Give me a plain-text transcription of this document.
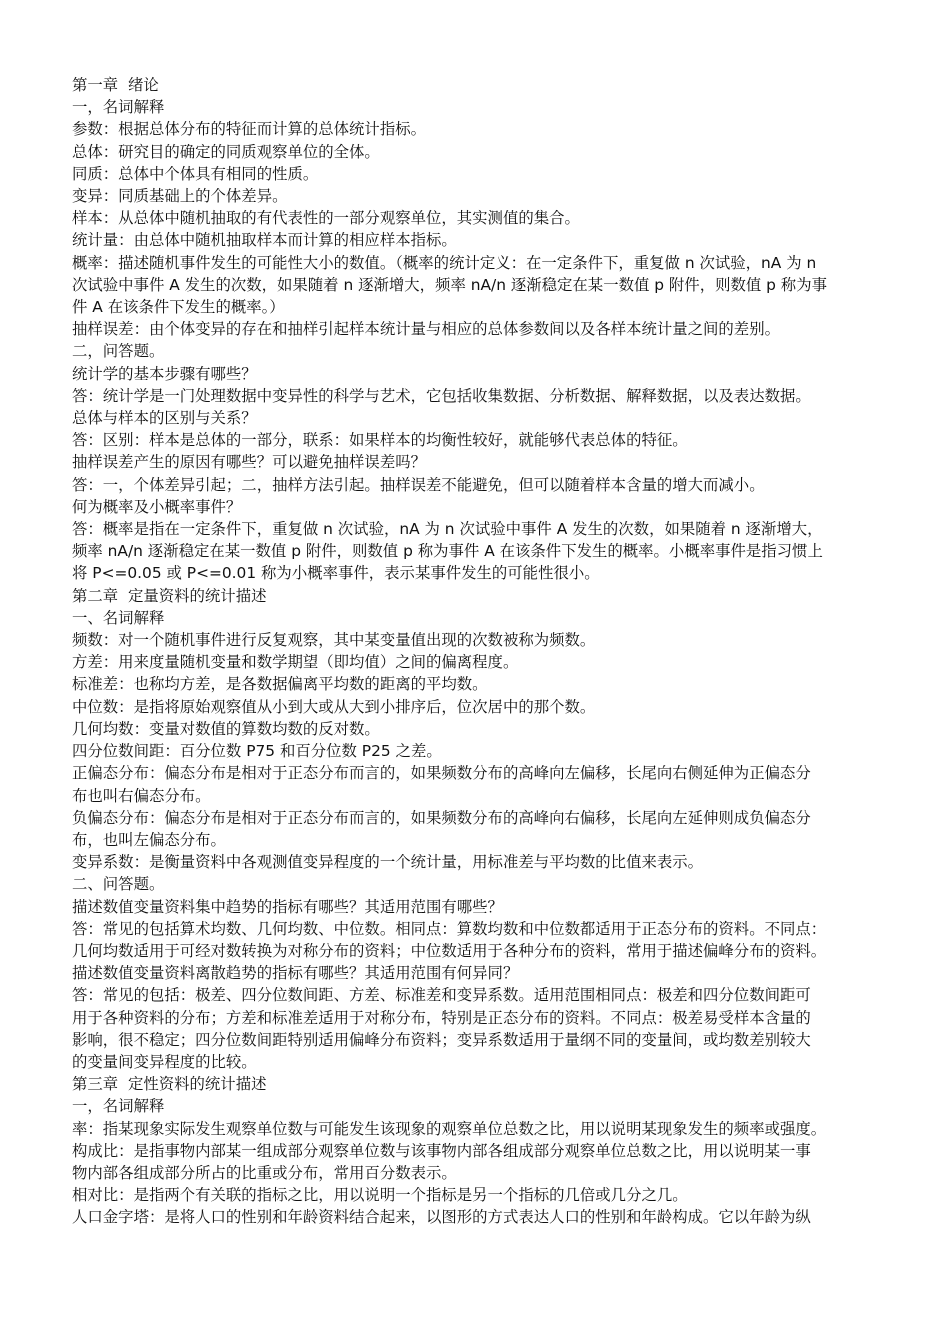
第一章  绪论
一，名词解释
参数：根据总体分布的特征而计算的总体统计指标。
总体：研究目的确定的同质观察单位的全体。
同质：总体中个体具有相同的性质。
变异：同质基础上的个体差异。
样本：从总体中随机抽取的有代表性的一部分观察单位，其实测值的集合。
统计量：由总体中随机抽取样本而计算的相应样本指标。
概率：描述随机事件发生的可能性大小的数值。（概率的统计定义：在一定条件下，重复做 n 次试验，nA 为 n
次试验中事件 A 发生的次数，如果随着 n 逐渐增大，频率 nA/n 逐渐稳定在某一数值 p 附件，则数值 p 称为事
件 A 在该条件下发生的概率。）
抽样误差：由个体变异的存在和抽样引起样本统计量与相应的总体参数间以及各样本统计量之间的差别。
二，问答题。
统计学的基本步骤有哪些？
答：统计学是一门处理数据中变异性的科学与艺术，它包括收集数据、分析数据、解释数据，以及表达数据。
总体与样本的区别与关系？
答：区别：样本是总体的一部分，联系：如果样本的均衡性较好，就能够代表总体的特征。
抽样误差产生的原因有哪些？可以避免抽样误差吗？
答：一，个体差异引起；二，抽样方法引起。抽样误差不能避免，但可以随着样本含量的增大而减小。
何为概率及小概率事件？
答：概率是指在一定条件下，重复做 n 次试验，nA 为 n 次试验中事件 A 发生的次数，如果随着 n 逐渐增大，
频率 nA/n 逐渐稳定在某一数值 p 附件，则数值 p 称为事件 A 在该条件下发生的概率。小概率事件是指习惯上
将 P<=0.05 或 P<=0.01 称为小概率事件，表示某事件发生的可能性很小。
第二章  定量资料的统计描述
一、名词解释
频数：对一个随机事件进行反复观察，其中某变量值出现的次数被称为频数。
方差：用来度量随机变量和数学期望（即均值）之间的偏离程度。
标准差：也称均方差，是各数据偏离平均数的距离的平均数。
中位数：是指将原始观察值从小到大或从大到小排序后，位次居中的那个数。
几何均数：变量对数值的算数均数的反对数。
四分位数间距：百分位数 P75 和百分位数 P25 之差。
正偏态分布：偏态分布是相对于正态分布而言的，如果频数分布的高峰向左偏移，长尾向右侧延伸为正偏态分
布也叫右偏态分布。
负偏态分布：偏态分布是相对于正态分布而言的，如果频数分布的高峰向右偏移，长尾向左延伸则成负偏态分
布，也叫左偏态分布。
变异系数：是衡量资料中各观测值变异程度的一个统计量，用标准差与平均数的比值来表示。
二、问答题。
描述数值变量资料集中趋势的指标有哪些？其适用范围有哪些？
答：常见的包括算术均数、几何均数、中位数。相同点：算数均数和中位数都适用于正态分布的资料。不同点：
几何均数适用于可经对数转换为对称分布的资料；中位数适用于各种分布的资料，常用于描述偏峰分布的资料。
描述数值变量资料离散趋势的指标有哪些？其适用范围有何异同？
答：常见的包括：极差、四分位数间距、方差、标准差和变异系数。适用范围相同点：极差和四分位数间距可
用于各种资料的分布；方差和标准差适用于对称分布，特别是正态分布的资料。不同点：极差易受样本含量的
影响，很不稳定；四分位数间距特别适用偏峰分布资料；变异系数适用于量纲不同的变量间，或均数差别较大
的变量间变异程度的比较。
第三章  定性资料的统计描述
一，名词解释
率：指某现象实际发生观察单位数与可能发生该现象的观察单位总数之比，用以说明某现象发生的频率或强度。
构成比：是指事物内部某一组成部分观察单位数与该事物内部各组成部分观察单位总数之比，用以说明某一事
物内部各组成部分所占的比重或分布，常用百分数表示。
相对比：是指两个有关联的指标之比，用以说明一个指标是另一个指标的几倍或几分之几。
人口金字塔：是将人口的性别和年龄资料结合起来，以图形的方式表达人口的性别和年龄构成。它以年龄为纵
